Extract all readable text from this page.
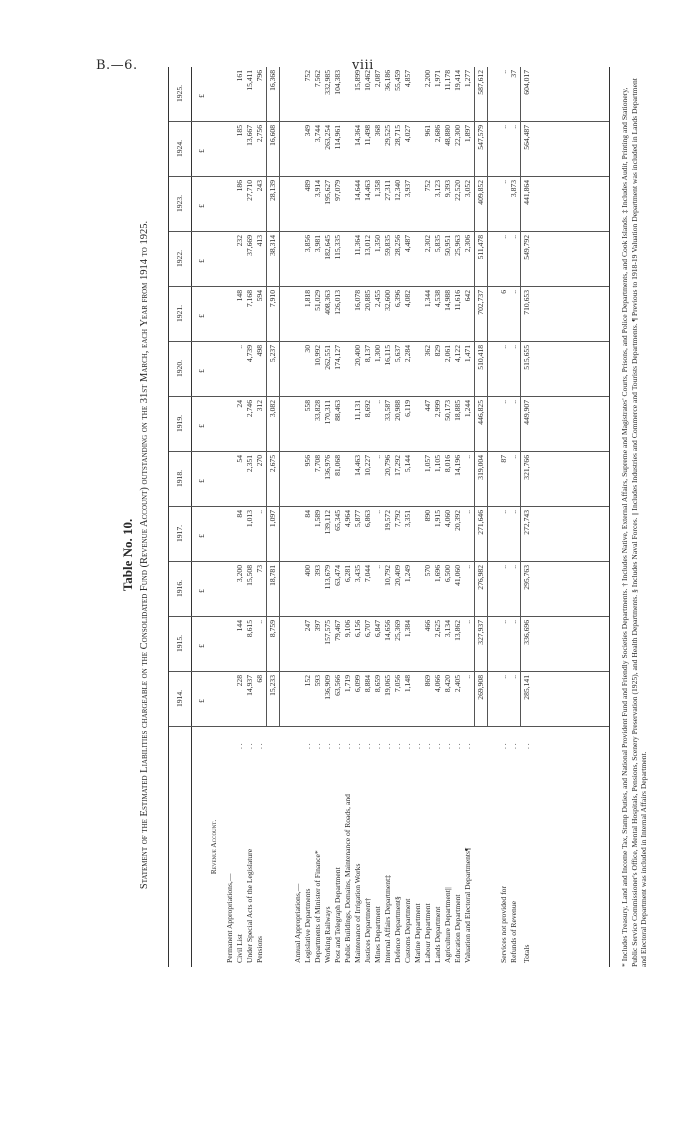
B.—6.	viii
Table No. 10. Statement of the Estimated Liabilities chargeable on the Consolidated Fund (Revenue Account) outstanding on the 31st March, each Year from 1914 to 1925.	1914.
1915.
1916.
1917.
1918.
1919.
1920.
1921.
1922.
1923.
1924.
1925.
£
£
£
£
£
£
£
£
£
£
£
£
Revenue Account.
Permanent Appropriations,— Civil List
. .
228
144
3,200
84
54
24
..
148
232
186
185
161
Under Special Acts of the Legislature
. .
14,937
8,615
15,508
1,013
2,351
2,746
4,739
7,168
37,669
27,710
13,667
15,411
Pensions
. .
68
..
73
..
270
312
498
594
413
243
2,756
796
15,233
8,759
18,781
1,097
2,675
3,082
5,237
7,910
38,314
28,139
16,608
16,368
Annual Appropriations,— Legislative Departments
. .
152
247
400
84
956
558
30
1,818
3,856
489
349
752
Departments of Minister of Finance*
. .
593
397
393
1,589
7,708
33,828
10,992
51,029
3,981
3,914
3,744
7,562
Working Railways
. .
136,909
157,575
113,679
139,112
136,976
170,311
262,551
408,363
182,645
195,627
263,254
332,985
Post and Telegraph Department
. .
63,566
79,467
63,474
65,345
81,068
88,463
174,127
126,013
115,335
97,079
114,961
104,383
Public Buildings, Domains, Maintenance of Roads, and
. .
1,719
9,106
6,281
4,964
Maintenance of Irrigation Works
. .
6,099
6,156
3,435
5,877
14,463
11,131
20,400
16,078
11,364
14,644
14,364
15,899
Justices Department†
. .
8,884
6,707
7,044
6,863
10,227
8,692
8,137
20,885
13,012
14,463
11,498
10,462
Mines Department
. .
8,659
6,847
..
..
..
..
1,300
2,455
1,350
1,358
368
2,087
Internal Affairs Department‡
. .
19,065
14,656
10,792
19,572
20,796
33,587
16,115
32,600
59,835
27,311
29,525
36,186
Defence Department§
. .
7,056
25,369
20,409
7,792
17,292
20,988
5,637
6,396
28,256
12,340
28,715
55,459
Customs Department
. .
1,148
1,384
1,249
3,351
5,144
6,119
2,284
4,082
4,487
3,937
4,027
4,857
Marine Department
. .
Labour Department
. .
869
466
570
890
1,057
447
362
1,344
2,302
752
961
2,200
Lands Department
. .
4,066
2,625
1,696
1,915
1,105
2,999
829
4,538
5,835
3,123
2,686
1,971
Agriculture Department||
. .
8,420
3,134
6,500
4,060
8,016
50,173
2,061
14,988
50,951
9,393
48,880
11,178
Education Department
. .
2,405
13,862
41,060
20,392
14,196
18,885
4,122
11,616
25,963
22,520
22,300
19,414
Valuation and Electoral Departments¶
. .
..
..
..
..
..
1,244
1,471
642
2,306
3,052
1,897
1,277
269,908
327,937
276,982
271,646
319,004
446,825
510,418
702,737
511,478
409,852
547,579
587,612
Services not provided for
. .
..
..
..
..
87
..
..
6
..
..
..
..
Refunds of Revenue
. .
..
..
..
..
..
..
..
..
..
3,873
..
37
Totals
. .
285,141
336,696
295,763
272,743
321,766
449,907
515,655
710,653
549,792
441,864
564,487
604,017
* Includes Treasury, Land and Income Tax, Stamp Duties, and National Provident Fund and Friendly Societies Departments. † Includes Native, External Affairs, Supreme and Magistrates' Courts, Prisons, and Police Departments, and Cook Islands. ‡ Includes Audit, Printing and Stationery, Public Service Commissioner's Office, Mental Hospitals, Pensions, Scenery Preservation (1925), and Health Departments. § Includes Naval Forces. || Includes Industries and Commerce and Tourists Departments. ¶ Previous to 1918-19 Valuation Department was included in Lands Department and Electoral Department was included in Internal Affairs Department.
